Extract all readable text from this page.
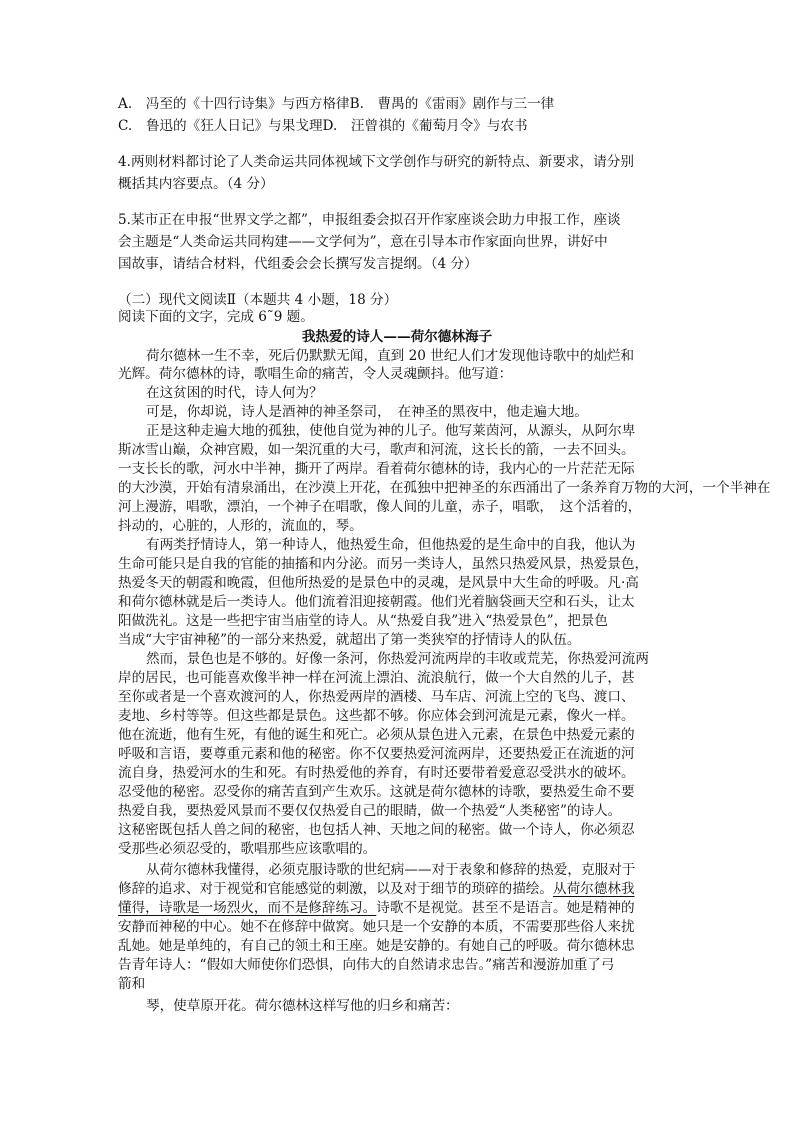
A.　冯至的《十四行诗集》与西方格律B.　曹禺的《雷雨》剧作与三一律
C.　鲁迅的《狂人日记》与果戈理D.　汪曾祺的《葡萄月令》与农书
4.两则材料都讨论了人类命运共同体视域下文学创作与研究的新特点、新要求，请分别
概括其内容要点。（4 分）
5.某市正在申报“世界文学之都”，申报组委会拟召开作家座谈会助力申报工作，座谈
会主题是“人类命运共同构建——文学何为”，意在引导本市作家面向世界，讲好中
国故事，请结合材料，代组委会会长撰写发言提纲。（4 分）
（二）现代文阅读Ⅱ（本题共 4 小题，18 分）
阅读下面的文字，完成 6˜9 题。
我热爱的诗人——荷尔德林海子
荷尔德林一生不幸，死后仍默默无闻，直到 20 世纪人们才发现他诗歌中的灿烂和
光辉。荷尔德林的诗，歌唱生命的痛苦，令人灵魂颤抖。他写道：
在这贫困的时代，诗人何为？
可是，你却说，诗人是酒神的神圣祭司，　在神圣的黑夜中，他走遍大地。
正是这种走遍大地的孤独，使他自觉为神的儿子。他写莱茵河，从源头，从阿尔卑
斯冰雪山巅，众神宫殿，如一架沉重的大弓，歌声和河流，这长长的箭，一去不回头。
一支长长的歌，河水中半神，撕开了两岸。看着荷尔德林的诗，我内心的一片茫茫无际
的大沙漠，开始有清泉涌出，在沙漠上开花，在孤独中把神圣的东西涌出了一条养育万物的大河，一个半神在
河上漫游，唱歌，漂泊，一个神子在唱歌，像人间的儿童，赤子，唱歌，　这个活着的，
抖动的，心脏的，人形的，流血的，琴。
有两类抒情诗人，第一种诗人，他热爱生命，但他热爱的是生命中的自我，他认为
生命可能只是自我的官能的抽搐和内分泌。而另一类诗人，虽然只热爱风景，热爱景色，
热爱冬天的朝霞和晚霞，但他所热爱的是景色中的灵魂，是风景中大生命的呼吸。凡·高
和荷尔德林就是后一类诗人。他们流着泪迎接朝霞。他们光着脑袋画天空和石头，让太
阳做洗礼。这是一些把宇宙当庙堂的诗人。从“热爱自我”进入“热爱景色”，把景色
当成“大宇宙神秘”的一部分来热爱，就超出了第一类狭窄的抒情诗人的队伍。
然而，景色也是不够的。好像一条河，你热爱河流两岸的丰收或荒芜，你热爱河流两
岸的居民，也可能喜欢像半神一样在河流上漂泊、流浪航行，做一个大自然的儿子，甚
至你或者是一个喜欢渡河的人，你热爱两岸的酒楼、马车店、河流上空的飞鸟、渡口、
麦地、乡村等等。但这些都是景色。这些都不够。你应体会到河流是元素，像火一样。
他在流逝，他有生死，有他的诞生和死亡。必须从景色进入元素，在景色中热爱元素的
呼吸和言语，要尊重元素和他的秘密。你不仅要热爱河流两岸，还要热爱正在流逝的河
流自身，热爱河水的生和死。有时热爱他的养育，有时还要带着爱意忍受洪水的破坏。
忍受他的秘密。忍受你的痛苦直到产生欢乐。这就是荷尔德林的诗歌，要热爱生命不要
热爱自我，要热爱风景而不要仅仅热爱自己的眼睛，做一个热爱“人类秘密”的诗人。
这秘密既包括人兽之间的秘密，也包括人神、天地之间的秘密。做一个诗人，你必须忍
受那些必须忍受的，歌唱那些应该歌唱的。
从荷尔德林我懂得，必须克服诗歌的世纪病——对于表象和修辞的热爱，克服对于
修辞的追求、对于视觉和官能感觉的刺激，以及对于细节的琐碎的描绘。从荷尔德林我
懂得，诗歌是一场烈火，而不是修辞练习。诗歌不是视觉。甚至不是语言。她是精神的
安静而神秘的中心。她不在修辞中做窝。她只是一个安静的本质，不需要那些俗人来扰
乱她。她是单纯的，有自己的领土和王座。她是安静的。有她自己的呼吸。荷尔德林忠
告青年诗人：“假如大师使你们恐惧，向伟大的自然请求忠告。”痛苦和漫游加重了弓
箭和
琴，使草原开花。荷尔德林这样写他的归乡和痛苦：
